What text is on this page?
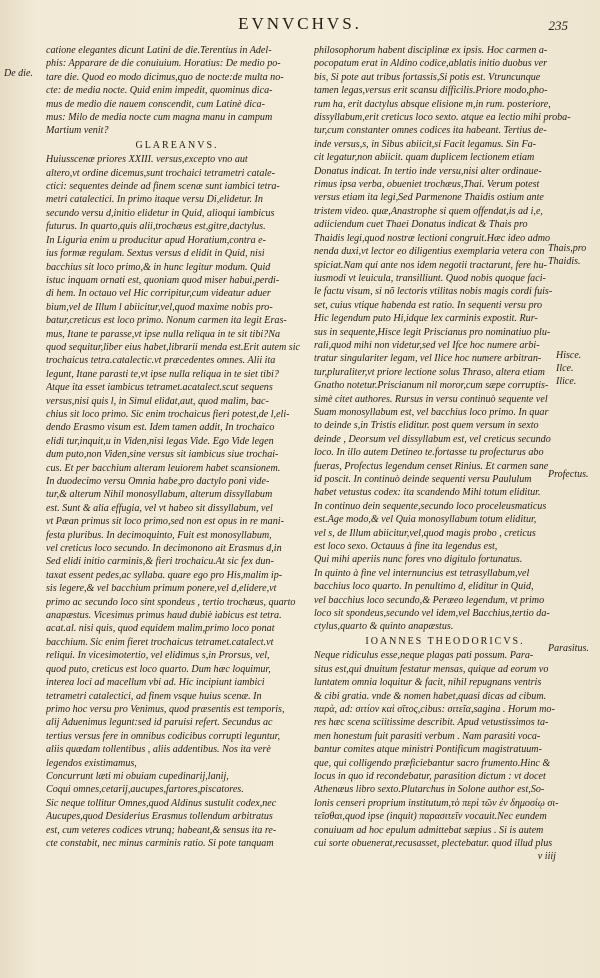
EVNVCHVS.	235
De die.
Thais,pro
Thaidis.
Hisce.
Ilce.
Ilice.
Profectus.
Parasitus.
catione elegantes dicunt Latini de die.Terentius in Adel-
phis: Apparare de die conuiuium. Horatius: De medio po-
tare die. Quod eo modo dicimus,quo de nocte:de multa no-
cte: de media nocte. Quid enim impedit, quominus dica-
mus de medio die nauem conscendit, cum Latinè dica-
mus: Milo de media nocte cum magna manu in campum
Martium venit?
GLAREANVS.
Huiusscenæ priores XXIII. versus,excepto vno aut
altero,vt ordine dicemus,sunt trochaici tetrametri catale-
ctici: sequentes deinde ad finem scenæ sunt iambici tetra-
metri catalectici. In primo itaque versu Di,elidetur. In
secundo versu d,initio elidetur in Quid, alioqui iambicus
futurus. In quarto,quis alii,trochæus est,gitre,dactylus.
In Liguria enim u producitur apud Horatium,contra e-
ius formæ regulam. Sextus versus d elidit in Quid, nisi
bacchius sit loco primo,& in hunc legitur modum. Quid
istuc inquam ornati est, quoniam quod miser habui,perdi-
di hem. In octauo vel Hic corripitur,cum videatur aduer
bium,vel de Illum l abiicitur,vel,quod maxime nobis pro-
batur,creticus est loco primo. Nonum carmen ita legit Eras-
mus, Itane te parasse,vt ipse nulla reliqua in te sit tibi?Na
quod sequitur,liber eius habet,librarii menda est.Erit autem sic
trochaicus tetra.catalectic.vt præcedentes omnes. Alii ita
legunt, Itane parasti te,vt ipse nulla reliqua in te siet tibi?
Atque ita esset iambicus tetramet.acatalect.scut sequens
versus,nisi quis l, in Simul elidat,aut, quod malim, bac-
chius sit loco primo. Sic enim trochaicus fieri potest,de l,eli-
dendo Erasmo visum est. Idem tamen addit, In trochaico
elidi tur,inquit,u in Viden,nisi legas Vide. Ego Vide legen
dum puto,non Viden,sine versus sit iambicus siue trochai-
cus. Et per bacchium alteram leuiorem habet scansionem.
In duodecimo versu Omnia habe,pro dactylo poni vide-
tur,& alterum Nihil monosyllabum, alterum dissyllabum
est. Sunt & alia effugia, vel vt habeo sit dissyllabum, vel
vt Pæan primus sit loco primo,sed non est opus in re mani-
festa pluribus. In decimoquinto, Fuit est monosyllabum,
vel creticus loco secundo. In decimonono ait Erasmus d,in
Sed elidi initio carminis,& fieri trochaicu.At sic fex dun-
taxat essent pedes,ac syllaba. quare ego pro His,malim ip-
sis legere,& vel bacchium primum ponere,vel d,elidere,vt
primo ac secundo loco sint spondeus , tertio trochæus, quarto
anapæstus. Vicesimus primus haud dubiè iabicus est tetra.
acat.al. nisi quis, quod equidem malim,primo loco ponat
bacchium. Sic enim fieret trochaicus tetramet.catalect.vt
reliqui. In vicesimotertio, vel elidimus s,in Prorsus, vel,
quod puto, creticus est loco quarto. Dum hæc loquimur,
interea loci ad macellum vbi ad. Hic incipiunt iambici
tetrametri catalectici, ad finem vsque huius scenæ. In
primo hoc versu pro Venimus, quod præsentis est temporis,
alij Aduenimus legunt:sed id paruisi refert. Secundus ac
tertius versus fere in omnibus codicibus corrupti leguntur,
aliis quædam tollentibus , aliis addentibus. Nos ita verè
legendos existimamus,
Concurrunt læti mi obuiam cupedinarij,lanij,
Coqui omnes,cetarij,aucupes,fartores,piscatores.
Sic neque tollitur Omnes,quod Aldinus sustulit codex,nec
Aucupes,quod Desiderius Erasmus tollendum arbitratus
est, cum veteres codices vtrunq; habeant,& sensus ita re-
cte constabit, nec minus carminis ratio. Si pote tanquam
philosophorum habent disciplinæ ex ipsis. Hoc carmen a-
pocopatum erat in Aldino codice,ablatis initio duobus ver
bis, Si pote aut tribus fortassis,Si potis est. Vtruncunque
tamen legas,versus erit scansu difficilis.Priore modo,pho-
rum ha, erit dactylus absque elisione m,in rum. posteriore,
dissyllabum,erit creticus loco sexto. atque ea lectio mihi proba-
tur,cum constanter omnes codices ita habeant. Tertius de-
inde versus,s, in Sibus abiicit,si Facit legamus. Sin Fa-
cit legatur,non abiicit. quam duplicem lectionem etiam
Donatus indicat. In tertio inde versu,nisi alter ordinaue-
rimus ipsa verba, obueniet trochæus,Thai. Verum potest
versus etiam ita legi,Sed Parmenone Thaidis ostium ante
tristem video. quæ,Anastrophe si quem offendat,is ad i,e,
adiiciendum cuet Thaei Donatus indicat & Thais pro
Thaidis legi,quod nostræ lectioni congruit.Hæc ideo admo
nenda duxi,vt lector eo diligentius exemplaria vetera con
spiciat.Nam qui ante nos idem negotii tractarunt, fere hu-
iusmodi vt leuicula, transilliunt. Quod nobis quoque faci-
le factu visum, si nõ lectoris vtilitas nobis magis cordi fuis-
set, cuius vtique habenda est ratio. In sequenti versu pro
Hic legendum puto Hi,idque lex carminis expostit. Rur-
sus in sequente,Hisce legit Priscianus pro nominatiuo plu-
rali,quod mihi non videtur,sed vel Ifce hoc numere arbi-
tratur singulariter legam, vel Ilice hoc numere arbitran-
tur,pluraliter,vt priore lectione solus Thraso, altera etiam
Gnatho notetur.Priscianum nil moror,cum sæpe corruptis-
simè citet authores. Rursus in versu continuò sequente vel
Suam monosyllabum est, vel bacchius loco primo. In quar
to deinde s,in Tristis eliditur. post quem versum in sexto
deinde , Deorsum vel dissyllabum est, vel creticus secundo
loco. In illo autem Detineo te.fortasse tu profecturus abo
fueras, Profectus legendum censet Rinius. Et carmen sane
id poscit. In continuò deinde sequenti versu Paululum
habet vetustus codex: ita scandendo Mihi totum eliditur.
In continuo dein sequente,secundo loco proceleusmaticus
est.Age modo,& vel Quia monosyllabum totum eliditur,
vel s, de Illum abiicitur,vel,quod magis probo , creticus
est loco sexo. Octauus à fine ita legendus est,
Qui mihi aperiis nunc fores vno digitulo fortunatus.
In quinto à fine vel internuncius est tetrasyllabum,vel
bacchius loco quarto. In penultimo d, eliditur in Quid,
vel bacchius loco secundo,& Peræeo legendum, vt primo
loco sit spondeus,secundo vel idem,vel Bacchius,tertio da-
ctylus,quarto & quinto anapæstus.
IOANNES THEODORICVS.
Neque ridiculus esse,neque plagas pati possum. Para-
situs est,qui dnuitum festatur mensas, quique ad eorum vo
luntatem omnia loquitur & facit, nihil repugnans ventris
& cibi gratia. vnde & nomen habet,quasi dicas ad cibum.
παρὰ, ad: σιτίον καὶ σῖτος,cibus: σιτεῖα,sagina . Horum mo-
res hæc scena sciitissime describit. Apud vetustissimos ta-
men honestum fuit parasiti verbum . Nam parasiti voca-
bantur comites atque ministri Pontificum magistratuum-
que, qui colligendo præficiebantur sacro frumento.Hinc &
locus in quo id recondebatur, parasition dictum : vt docet
Athenæus libro sexto.Plutarchus in Solone author est,So-
lonis censeri proprium institutum,τὸ περὶ τῶν ἐν δημοσίῳ σι-
τεῖσθαι,quod ipse (inquit) παρασιτεῖν vocauit.Nec eundem
conuiuam ad hoc epulum admittebat sæpius . Si is autem
cui sorte obuenerat,recusasset, plectebatur. quod illud plus
v iiij
